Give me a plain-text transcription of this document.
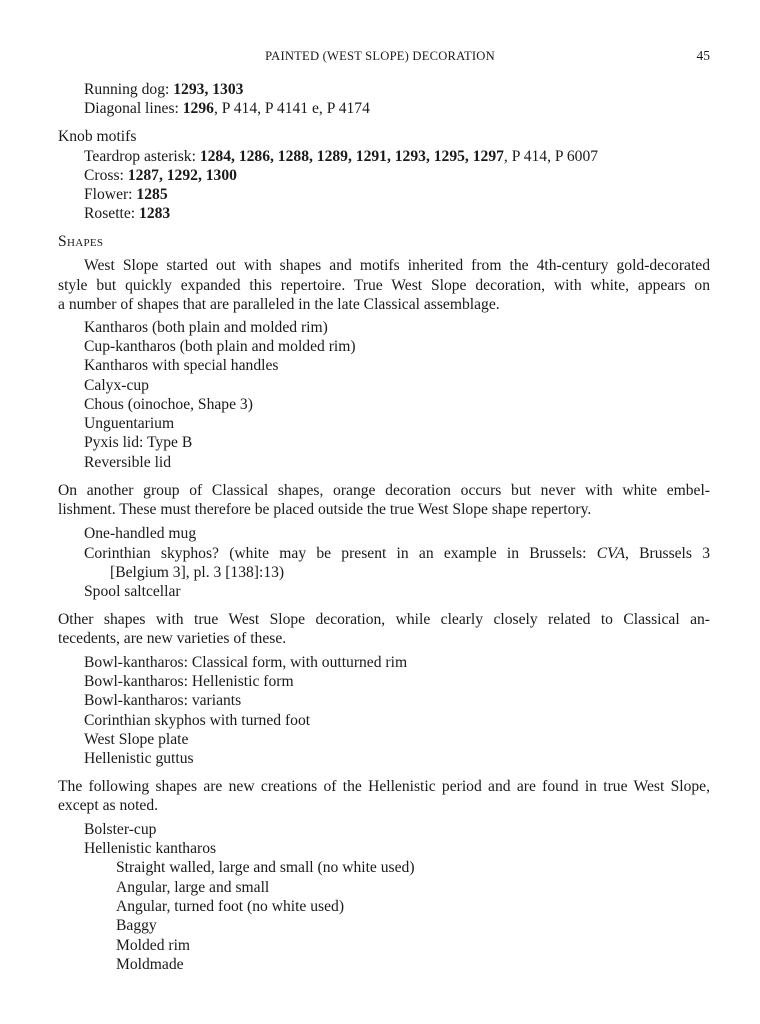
PAINTED (WEST SLOPE) DECORATION	45
Running dog: 1293, 1303
Diagonal lines: 1296, P 414, P 4141 e, P 4174
Knob motifs
Teardrop asterisk: 1284, 1286, 1288, 1289, 1291, 1293, 1295, 1297, P 414, P 6007
Cross: 1287, 1292, 1300
Flower: 1285
Rosette: 1283
Shapes
West Slope started out with shapes and motifs inherited from the 4th-century gold-decorated
style but quickly expanded this repertoire. True West Slope decoration, with white, appears on
a number of shapes that are paralleled in the late Classical assemblage.
Kantharos (both plain and molded rim)
Cup-kantharos (both plain and molded rim)
Kantharos with special handles
Calyx-cup
Chous (oinochoe, Shape 3)
Unguentarium
Pyxis lid: Type B
Reversible lid
On another group of Classical shapes, orange decoration occurs but never with white embel-
lishment. These must therefore be placed outside the true West Slope shape repertory.
One-handled mug
Corinthian skyphos? (white may be present in an example in Brussels: CVA, Brussels 3
[Belgium 3], pl. 3 [138]:13)
Spool saltcellar
Other shapes with true West Slope decoration, while clearly closely related to Classical an-
tecedents, are new varieties of these.
Bowl-kantharos: Classical form, with outturned rim
Bowl-kantharos: Hellenistic form
Bowl-kantharos: variants
Corinthian skyphos with turned foot
West Slope plate
Hellenistic guttus
The following shapes are new creations of the Hellenistic period and are found in true West Slope,
except as noted.
Bolster-cup
Hellenistic kantharos
Straight walled, large and small (no white used)
Angular, large and small
Angular, turned foot (no white used)
Baggy
Molded rim
Moldmade
